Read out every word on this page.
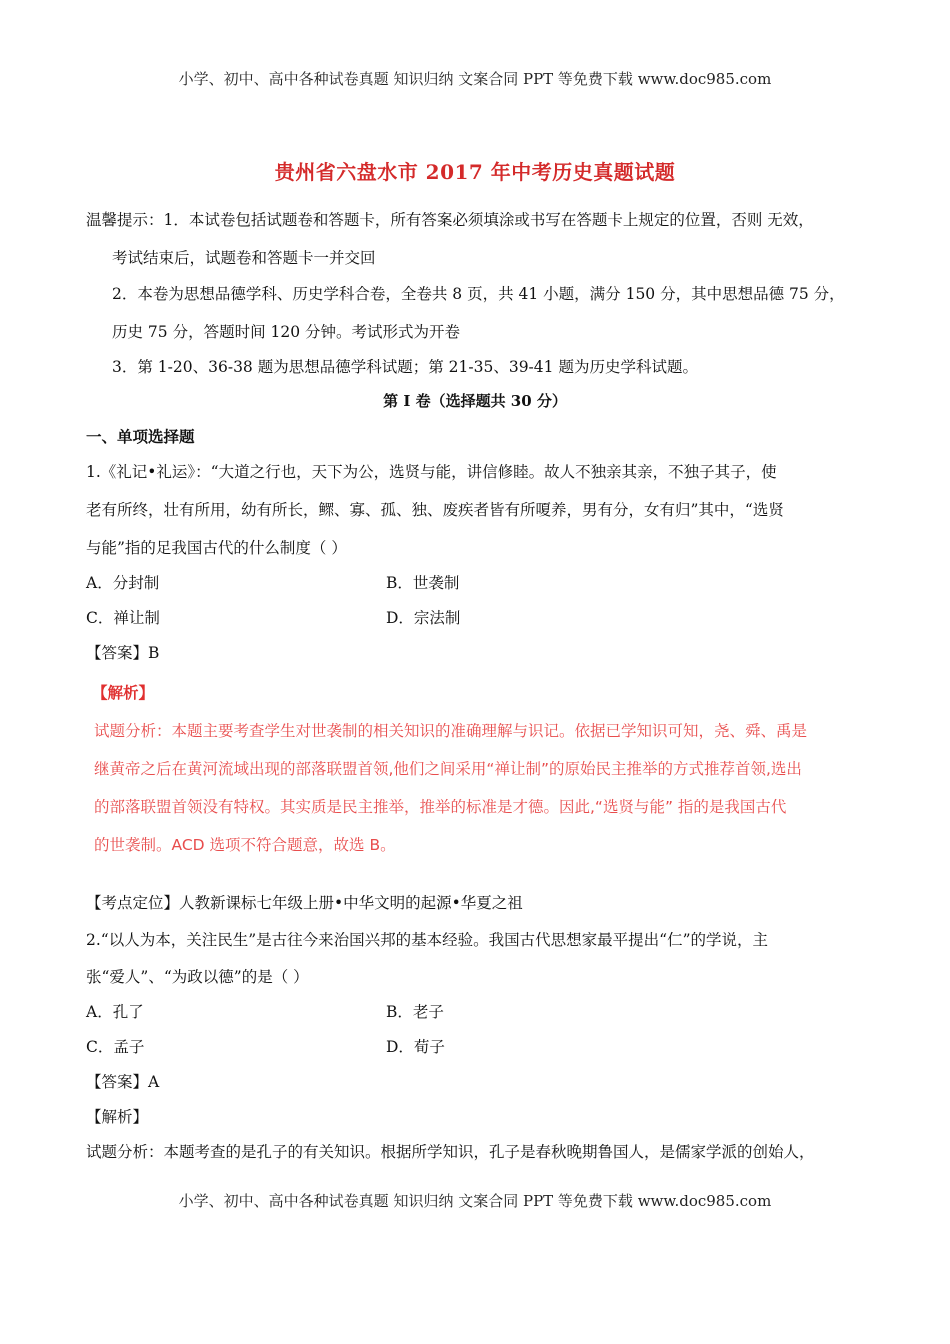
小学、初中、高中各种试卷真题 知识归纳 文案合同 PPT 等免费下载 www.doc985.com
贵州省六盘水市 2017 年中考历史真题试题
温馨提示：1．本试卷包括试题卷和答题卡，所有答案必须填涂或书写在答题卡上规定的位置，否则 无效，
考试结束后，试题卷和答题卡一并交回
2．本卷为思想品德学科、历史学科合卷，全卷共 8 页，共 41 小题，满分 150 分，其中思想品德 75 分，
历史 75 分，答题时间 120 分钟。考试形式为开卷
3．第 1-20、36-38 题为思想品德学科试题；第 21-35、39-41 题为历史学科试题。
第 I 卷（选择题共 30 分）
一、单项选择题
1.《礼记•礼运》：“大道之行也，天下为公，选贤与能，讲信修睦。故人不独亲其亲，不独子其子，使
老有所终，壮有所用，幼有所长，鳏、寡、孤、独、废疾者皆有所嗄养，男有分，女有归”其中，“选贤
与能”指的足我国古代的什么制度（ ）
A．分封制	B．世袭制
C．禅让制	D．宗法制
【答案】B
【解析】
试题分析：本题主要考查学生对世袭制的相关知识的准确理解与识记。依据已学知识可知，尧、舜、禹是
继黄帝之后在黄河流域出现的部落联盟首领,他们之间采用“禅让制”的原始民主推举的方式推荐首领,选出
的部落联盟首领没有特权。其实质是民主推举，推举的标准是才德。因此,“选贤与能” 指的是我国古代
的世袭制。ACD 选项不符合题意，故选 B。
【考点定位】人教新课标七年级上册•中华文明的起源•华夏之祖
2.“以人为本，关注民生”是古往今来治国兴邦的基本经验。我国古代思想家最平提出“仁”的学说，主
张“爱人”、“为政以德”的是（ ）
A．孔了	B．老子
C．孟子	D．荀子
【答案】A
【解析】
试题分析：本题考查的是孔子的有关知识。根据所学知识，孔子是春秋晚期鲁国人，是儒家学派的创始人，
小学、初中、高中各种试卷真题 知识归纳 文案合同 PPT 等免费下载 www.doc985.com
